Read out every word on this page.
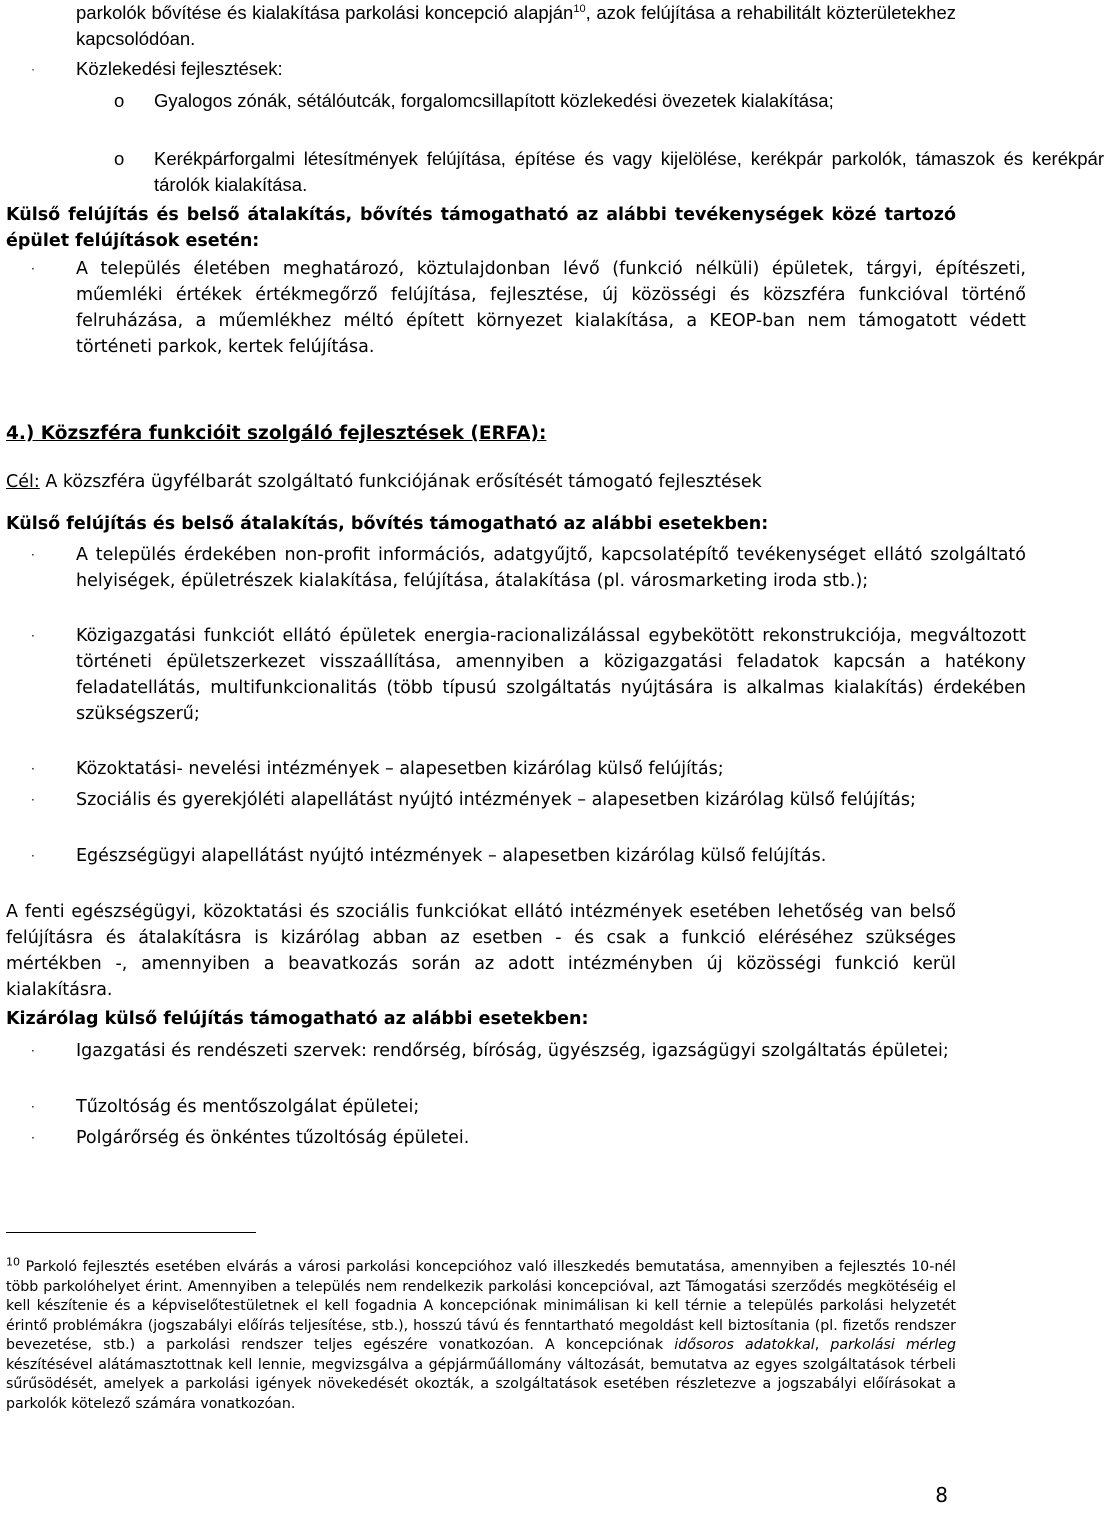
parkolók bővítése és kialakítása parkolási koncepció alapján$^{10}$, azok felújítása a rehabilitált közterületekhez kapcsolódóan.

· Közlekedési fejlesztések:
o Gyalogos zónák, sétálóutcák, forgalomcsillapított közlekedési övezetek kialakítása;

o Kerékpárforgalmi létesítmények felújítása, építése és vagy kijelölése, kerékpár parkolók, támaszok és kerékpár tárolók kialakítása.

Külső felújítás és belső átalakítás, bővítés támogatható az alábbi tevékenységek közé tartozó épület felújítások esetén:

· A település életében meghatározó, köztulajdonban lévő (funkció nélküli) épületek, tárgyi, építészeti, műemléki értékek értékmegőrző felújítása, fejlesztése, új közösségi és közszféra funkcióval történő felruházása, a műemlékhez méltó épített környezet kialakítása, a KEOP-ban nem támogatott védett történeti parkok, kertek felújítása.

4.) Közszféra funkcióit szolgáló fejlesztések (ERFA):

Cél: A közszféra ügyfélbarát szolgáltató funkciójának erősítését támogató fejlesztések

Külső felújítás és belső átalakítás, bővítés támogatható az alábbi esetekben:

· A település érdekében non-profit információs, adatgyűjtő, kapcsolatépítő tevékenységet ellátó szolgáltató helyiségek, épületrészek kialakítása, felújítása, átalakítása (pl. városmarketing iroda stb.);

· Közigazgatási funkciót ellátó épületek energia-racionalizálással egybekötött rekonstrukciója, megváltozott történeti épületszerkezet visszaállítása, amennyiben a közigazgatási feladatok kapcsán a hatékony feladatellátás, multifunkcionalitás (több típusú szolgáltatás nyújtására is alkalmas kialakítás) érdekében szükségszerű;

· Közoktatási- nevelési intézmények – alapesetben kizárólag külső felújítás;

· Szociális és gyerekjóléti alapellátást nyújtó intézmények – alapesetben kizárólag külső felújítás;

· Egészségügyi alapellátást nyújtó intézmények – alapesetben kizárólag külső felújítás.

A fenti egészségügyi, közoktatási és szociális funkciókat ellátó intézmények esetében lehetőség van belső felújításra és átalakításra is kizárólag abban az esetben - és csak a funkció eléréséhez szükséges mértékben -, amennyiben a beavatkozás során az adott intézményben új közösségi funkció kerül kialakításra.

Kizárólag külső felújítás támogatható az alábbi esetekben:

· Igazgatási és rendészeti szervek: rendőrség, bíróság, ügyészség, igazságügyi szolgáltatás épületei;

· Tűzoltóság és mentőszolgálat épületei;

· Polgárőrség és önkéntes tűzoltóság épületei.

$^{10}$ Parkoló fejlesztés esetében elvárás a városi parkolási koncepcióhoz való illeszkedés bemutatása, amennyiben a fejlesztés 10-nél több parkolóhelyet érint. Amennyiben a település nem rendelkezik parkolási koncepcióval, azt Támogatási szerződés megkötéséig el kell készítenie és a képviselőtestületnek el kell fogadnia A koncepciónak minimálisan ki kell térnie a település parkolási helyzetét érintő problémákra (jogszabályi előírás teljesítése, stb.), hosszú távú és fenntartható megoldást kell biztosítania (pl. fizetős rendszer bevezetése, stb.) a parkolási rendszer teljes egészére vonatkozóan. A koncepciónak idősoros adatokkal, parkolási mérleg készítésével alátámasztottnak kell lennie, megvizsgálva a gépjárműállomány változását, bemutatva az egyes szolgáltatások térbeli sűrűsödését, amelyek a parkolási igények növekedését okozták, a szolgáltatások esetében részletezve a jogszabályi előírásokat a parkolók kötelező számára vonatkozóan.

8
